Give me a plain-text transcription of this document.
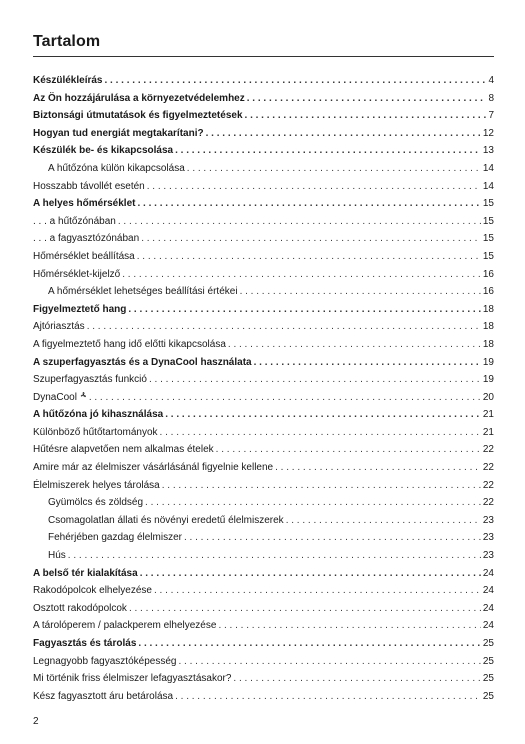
Tartalom
Készülékleírás . . .	4
Az Ön hozzájárulása a környezetvédelemhez . . .	8
Biztonsági útmutatások és figyelmeztetések . . .	7
Hogyan tud energiát megtakarítani? . . .	12
Készülék be- és kikapcsolása . . .	13
A hűtőzóna külön kikapcsolása . . .	14
Hosszabb távollét esetén . . .	14
A helyes hőmérséklet . . .	15
. . . a hűtőzónában . . .	15
. . . a fagyasztózónában . . .	15
Hőmérséklet beállítása . . .	15
Hőmérséklet-kijelző . . .	16
A hőmérséklet lehetséges beállítási értékei . . .	16
Figyelmeztető hang . . .	18
Ajtóriasztás . . .	18
A figyelmeztető hang idő előtti kikapcsolása . . .	18
A szuperfagyasztás és a DynaCool használata . . .	19
Szuperfagyasztás funkció . . .	19
DynaCool . . .	20
A hűtőzóna jó kihasználása . . .	21
Különböző hűtőtartományok . . .	21
Hűtésre alapvetően nem alkalmas ételek . . .	22
Amire már az élelmiszer vásárlásánál figyelnie kellene . . .	22
Élelmiszerek helyes tárolása . . .	22
Gyümölcs és zöldség . . .	22
Csomagolatlan állati és növényi eredetű élelmiszerek . . .	23
Fehérjében gazdag élelmiszer . . .	23
Hús . . .	23
A belső tér kialakítása . . .	24
Rakodópolcok elhelyezése . . .	24
Osztott rakodópolcok . . .	24
A tárolóperem / palackperem elhelyezése . . .	24
Fagyasztás és tárolás . . .	25
Legnagyobb fagyasztóképesség . . .	25
Mi történik friss élelmiszer lefagyasztásakor? . . .	25
Kész fagyasztott áru betárolása . . .	25
2
